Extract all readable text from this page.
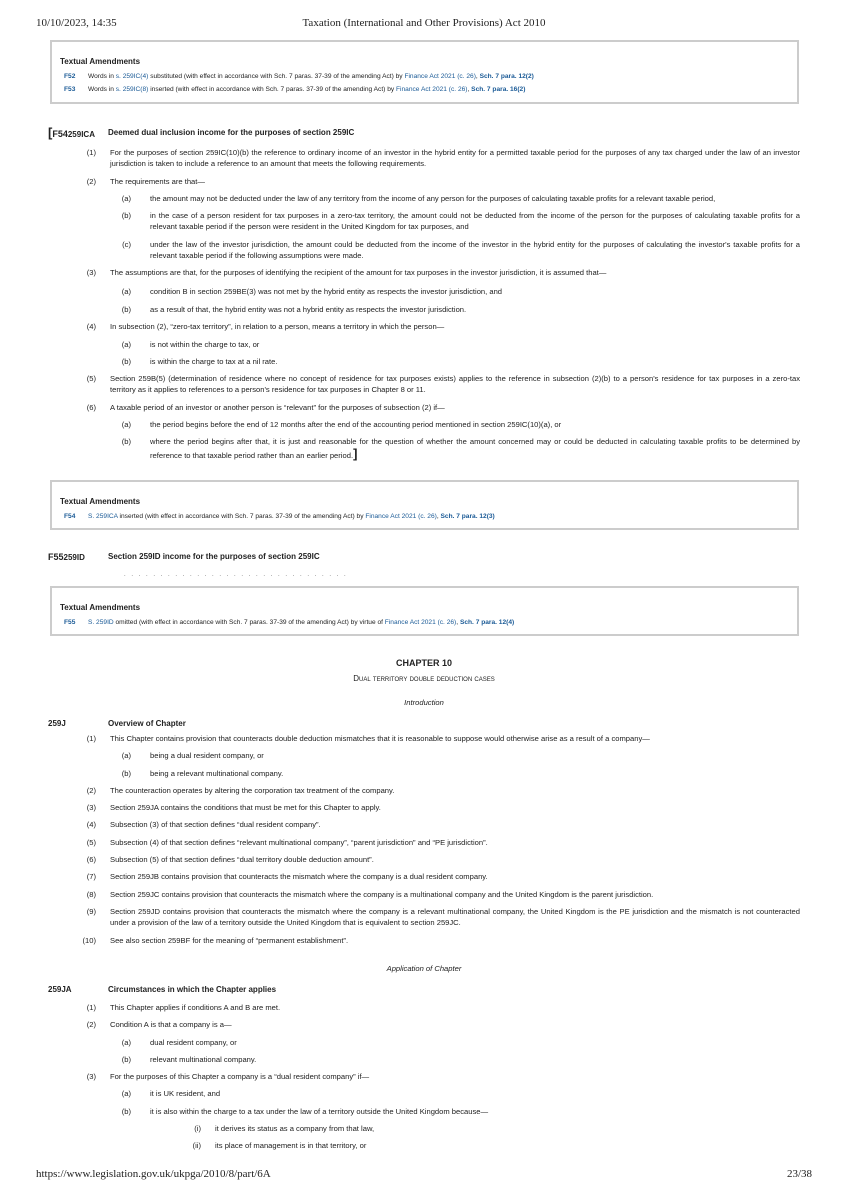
10/10/2023, 14:35	Taxation (International and Other Provisions) Act 2010
https://www.legislation.gov.uk/ukpga/2010/8/part/6A	23/38
Textual Amendments
F52	Words in s. 259IC(4) substituted (with effect in accordance with Sch. 7 paras. 37-39 of the amending Act) by Finance Act 2021 (c. 26), Sch. 7 para. 12(2)
F53	Words in s. 259IC(8) inserted (with effect in accordance with Sch. 7 paras. 37-39 of the amending Act) by Finance Act 2021 (c. 26), Sch. 7 para. 16(2)
[F54259ICA	Deemed dual inclusion income for the purposes of section 259IC
(1)	For the purposes of section 259IC(10)(b) the reference to ordinary income of an investor in the hybrid entity for a permitted taxable period for the purposes of any tax charged under the law of an investor jurisdiction is taken to include a reference to an amount that meets the following requirements.
(2)	The requirements are that—
(a)	the amount may not be deducted under the law of any territory from the income of any person for the purposes of calculating taxable profits for a relevant taxable period,
(b)	in the case of a person resident for tax purposes in a zero-tax territory, the amount could not be deducted from the income of the person for the purposes of calculating taxable profits for a relevant taxable period if the person were resident in the United Kingdom for tax purposes, and
(c)	under the law of the investor jurisdiction, the amount could be deducted from the income of the investor in the hybrid entity for the purposes of calculating the investor's taxable profits for a relevant taxable period if the following assumptions were made.
(3)	The assumptions are that, for the purposes of identifying the recipient of the amount for tax purposes in the investor jurisdiction, it is assumed that—
(a)	condition B in section 259BE(3) was not met by the hybrid entity as respects the investor jurisdiction, and
(b)	as a result of that, the hybrid entity was not a hybrid entity as respects the investor jurisdiction.
(4)	In subsection (2), “zero-tax territory”, in relation to a person, means a territory in which the person—
(a)	is not within the charge to tax, or
(b)	is within the charge to tax at a nil rate.
(5)	Section 259B(5) (determination of residence where no concept of residence for tax purposes exists) applies to the reference in subsection (2)(b) to a person's residence for tax purposes in a zero-tax territory as it applies to references to a person's residence for tax purposes in Chapter 8 or 11.
(6)	A taxable period of an investor or another person is “relevant” for the purposes of subsection (2) if—
(a)	the period begins before the end of 12 months after the end of the accounting period mentioned in section 259IC(10)(a), or
(b)	where the period begins after that, it is just and reasonable for the question of whether the amount concerned may or could be deducted in calculating taxable profits to be determined by reference to that taxable period rather than an earlier period.]
Textual Amendments
F54	S. 259ICA inserted (with effect in accordance with Sch. 7 paras. 37-39 of the amending Act) by Finance Act 2021 (c. 26), Sch. 7 para. 12(3)
F55259ID	Section 259ID income for the purposes of section 259IC
. . . . . . . . . . . . . . . . . . . . . . . . . . . . . . .
Textual Amendments
F55	S. 259ID omitted (with effect in accordance with Sch. 7 paras. 37-39 of the amending Act) by virtue of Finance Act 2021 (c. 26), Sch. 7 para. 12(4)
CHAPTER 10
Dual territory double deduction cases
Introduction
259J	Overview of Chapter
(1)	This Chapter contains provision that counteracts double deduction mismatches that it is reasonable to suppose would otherwise arise as a result of a company—
(a)	being a dual resident company, or
(b)	being a relevant multinational company.
(2)	The counteraction operates by altering the corporation tax treatment of the company.
(3)	Section 259JA contains the conditions that must be met for this Chapter to apply.
(4)	Subsection (3) of that section defines “dual resident company”.
(5)	Subsection (4) of that section defines “relevant multinational company”, “parent jurisdiction” and “PE jurisdiction”.
(6)	Subsection (5) of that section defines “dual territory double deduction amount”.
(7)	Section 259JB contains provision that counteracts the mismatch where the company is a dual resident company.
(8)	Section 259JC contains provision that counteracts the mismatch where the company is a multinational company and the United Kingdom is the parent jurisdiction.
(9)	Section 259JD contains provision that counteracts the mismatch where the company is a relevant multinational company, the United Kingdom is the PE jurisdiction and the mismatch is not counteracted under a provision of the law of a territory outside the United Kingdom that is equivalent to section 259JC.
(10)	See also section 259BF for the meaning of “permanent establishment”.
Application of Chapter
259JA	Circumstances in which the Chapter applies
(1)	This Chapter applies if conditions A and B are met.
(2)	Condition A is that a company is a—
(a)	dual resident company, or
(b)	relevant multinational company.
(3)	For the purposes of this Chapter a company is a “dual resident company” if—
(a)	it is UK resident, and
(b)	it is also within the charge to a tax under the law of a territory outside the United Kingdom because—
(i)	it derives its status as a company from that law,
(ii)	its place of management is in that territory, or
